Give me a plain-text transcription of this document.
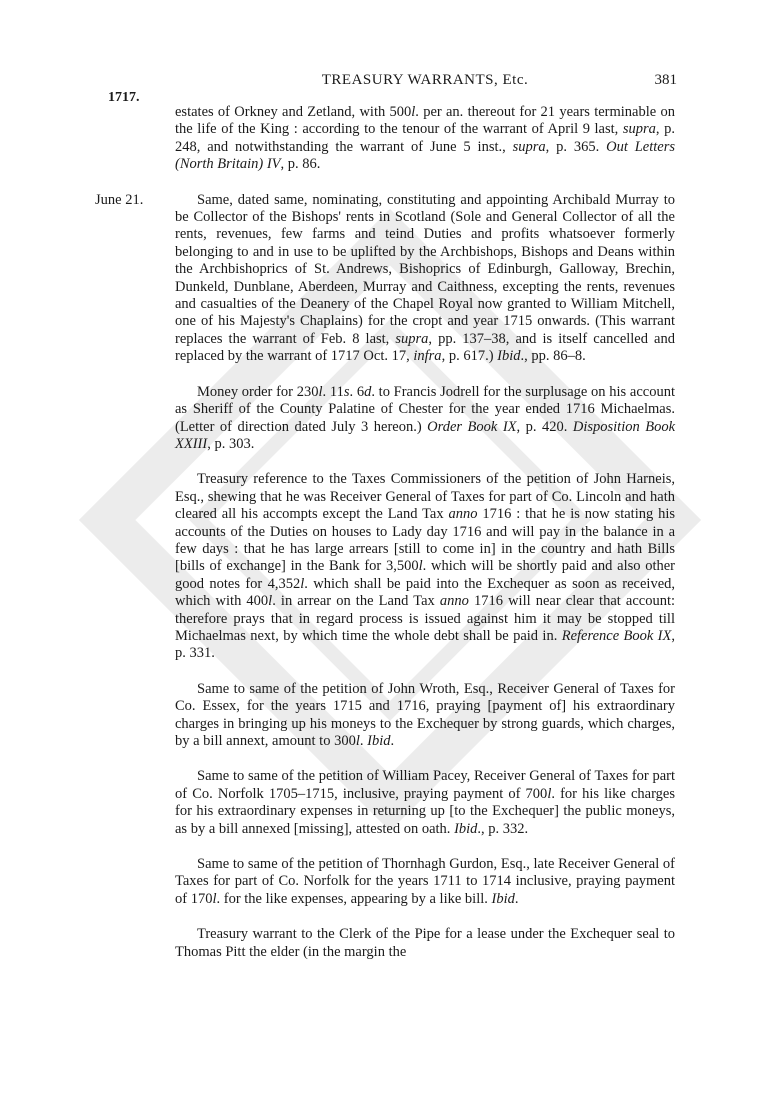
1717.
TREASURY WARRANTS, Etc.	381

estates of Orkney and Zetland, with 500l. per an. thereout for 21 years terminable on the life of the King : according to the tenour of the warrant of April 9 last, supra, p. 248, and notwithstanding the warrant of June 5 inst., supra, p. 365. Out Letters (North Britain) IV, p. 86.

Same, dated same, nominating, constituting and appointing Archibald Murray to be Collector of the Bishops' rents in Scotland (Sole and General Collector of all the rents, revenues, few farms and teind Duties and profits whatsoever formerly belonging to and in use to be uplifted by the Archbishops, Bishops and Deans within the Archbishoprics of St. Andrews, Bishoprics of Edinburgh, Galloway, Brechin, Dunkeld, Dunblane, Aberdeen, Murray and Caithness, excepting the rents, revenues and casualties of the Deanery of the Chapel Royal now granted to William Mitchell, one of his Majesty's Chaplains) for the cropt and year 1715 onwards. (This warrant replaces the warrant of Feb. 8 last, supra, pp. 137–38, and is itself cancelled and replaced by the warrant of 1717 Oct. 17, infra, p. 617.) Ibid., pp. 86–8.

Money order for 230l. 11s. 6d. to Francis Jodrell for the surplusage on his account as Sheriff of the County Palatine of Chester for the year ended 1716 Michaelmas. (Letter of direction dated July 3 hereon.) Order Book IX, p. 420. Disposition Book XXIII, p. 303.

Treasury reference to the Taxes Commissioners of the petition of John Harneis, Esq., shewing that he was Receiver General of Taxes for part of Co. Lincoln and hath cleared all his accompts except the Land Tax anno 1716 : that he is now stating his accounts of the Duties on houses to Lady day 1716 and will pay in the balance in a few days : that he has large arrears [still to come in] in the country and hath Bills [bills of exchange] in the Bank for 3,500l. which will be shortly paid and also other good notes for 4,352l. which shall be paid into the Exchequer as soon as received, which with 400l. in arrear on the Land Tax anno 1716 will near clear that account: therefore prays that in regard process is issued against him it may be stopped till Michaelmas next, by which time the whole debt shall be paid in. Reference Book IX, p. 331.

Same to same of the petition of John Wroth, Esq., Receiver General of Taxes for Co. Essex, for the years 1715 and 1716, praying [payment of] his extraordinary charges in bringing up his moneys to the Exchequer by strong guards, which charges, by a bill annext, amount to 300l. Ibid.

Same to same of the petition of William Pacey, Receiver General of Taxes for part of Co. Norfolk 1705–1715, inclusive, praying payment of 700l. for his like charges for his extraordinary expenses in returning up [to the Exchequer] the public moneys, as by a bill annexed [missing], attested on oath. Ibid., p. 332.

Same to same of the petition of Thornhagh Gurdon, Esq., late Receiver General of Taxes for part of Co. Norfolk for the years 1711 to 1714 inclusive, praying payment of 170l. for the like expenses, appearing by a like bill. Ibid.

Treasury warrant to the Clerk of the Pipe for a lease under the Exchequer seal to Thomas Pitt the elder (in the margin the

June 21.
